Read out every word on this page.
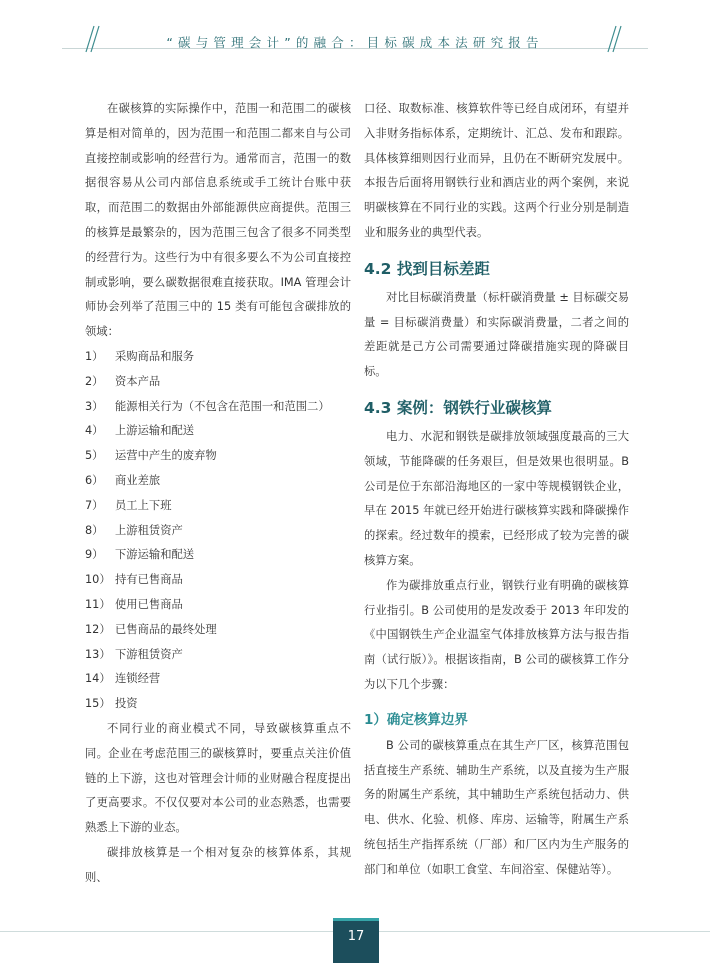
“碳与管理会计”的融合：目标碳成本法研究报告

在碳核算的实际操作中，范围一和范围二的碳核算是相对简单的，因为范围一和范围二都来自与公司直接控制或影响的经营行为。通常而言，范围一的数据很容易从公司内部信息系统或手工统计台账中获取，而范围二的数据由外部能源供应商提供。范围三的核算是最繁杂的，因为范围三包含了很多不同类型的经营行为。这些行为中有很多要么不为公司直接控制或影响，要么碳数据很难直接获取。IMA 管理会计师协会列举了范围三中的 15 类有可能包含碳排放的领域：

1） 采购商品和服务
2） 资本产品
3） 能源相关行为（不包含在范围一和范围二）
4） 上游运输和配送
5） 运营中产生的废弃物
6） 商业差旅
7） 员工上下班
8） 上游租赁资产
9） 下游运输和配送
10） 持有已售商品
11） 使用已售商品
12） 已售商品的最终处理
13） 下游租赁资产
14） 连锁经营
15） 投资

不同行业的商业模式不同，导致碳核算重点不同。企业在考虑范围三的碳核算时，要重点关注价值链的上下游，这也对管理会计师的业财融合程度提出了更高要求。不仅仅要对本公司的业态熟悉，也需要熟悉上下游的业态。

碳排放核算是一个相对复杂的核算体系，其规则、

口径、取数标准、核算软件等已经自成闭环，有望并入非财务指标体系，定期统计、汇总、发布和跟踪。具体核算细则因行业而异，且仍在不断研究发展中。本报告后面将用钢铁行业和酒店业的两个案例，来说明碳核算在不同行业的实践。这两个行业分别是制造业和服务业的典型代表。

4.2 找到目标差距

对比目标碳消费量（标杆碳消费量 ± 目标碳交易量 = 目标碳消费量）和实际碳消费量，二者之间的差距就是己方公司需要通过降碳措施实现的降碳目标。

4.3 案例：钢铁行业碳核算

电力、水泥和钢铁是碳排放领域强度最高的三大领域，节能降碳的任务艰巨，但是效果也很明显。B 公司是位于东部沿海地区的一家中等规模钢铁企业，早在 2015 年就已经开始进行碳核算实践和降碳操作的探索。经过数年的摸索，已经形成了较为完善的碳核算方案。

作为碳排放重点行业，钢铁行业有明确的碳核算行业指引。B 公司使用的是发改委于 2013 年印发的《中国钢铁生产企业温室气体排放核算方法与报告指南（试行版）》。根据该指南，B 公司的碳核算工作分为以下几个步骤：

1）确定核算边界

B 公司的碳核算重点在其生产厂区，核算范围包括直接生产系统、辅助生产系统，以及直接为生产服务的附属生产系统，其中辅助生产系统包括动力、供电、供水、化验、机修、库房、运输等，附属生产系统包括生产指挥系统（厂部）和厂区内为生产服务的部门和单位（如职工食堂、车间浴室、保健站等）。

17
